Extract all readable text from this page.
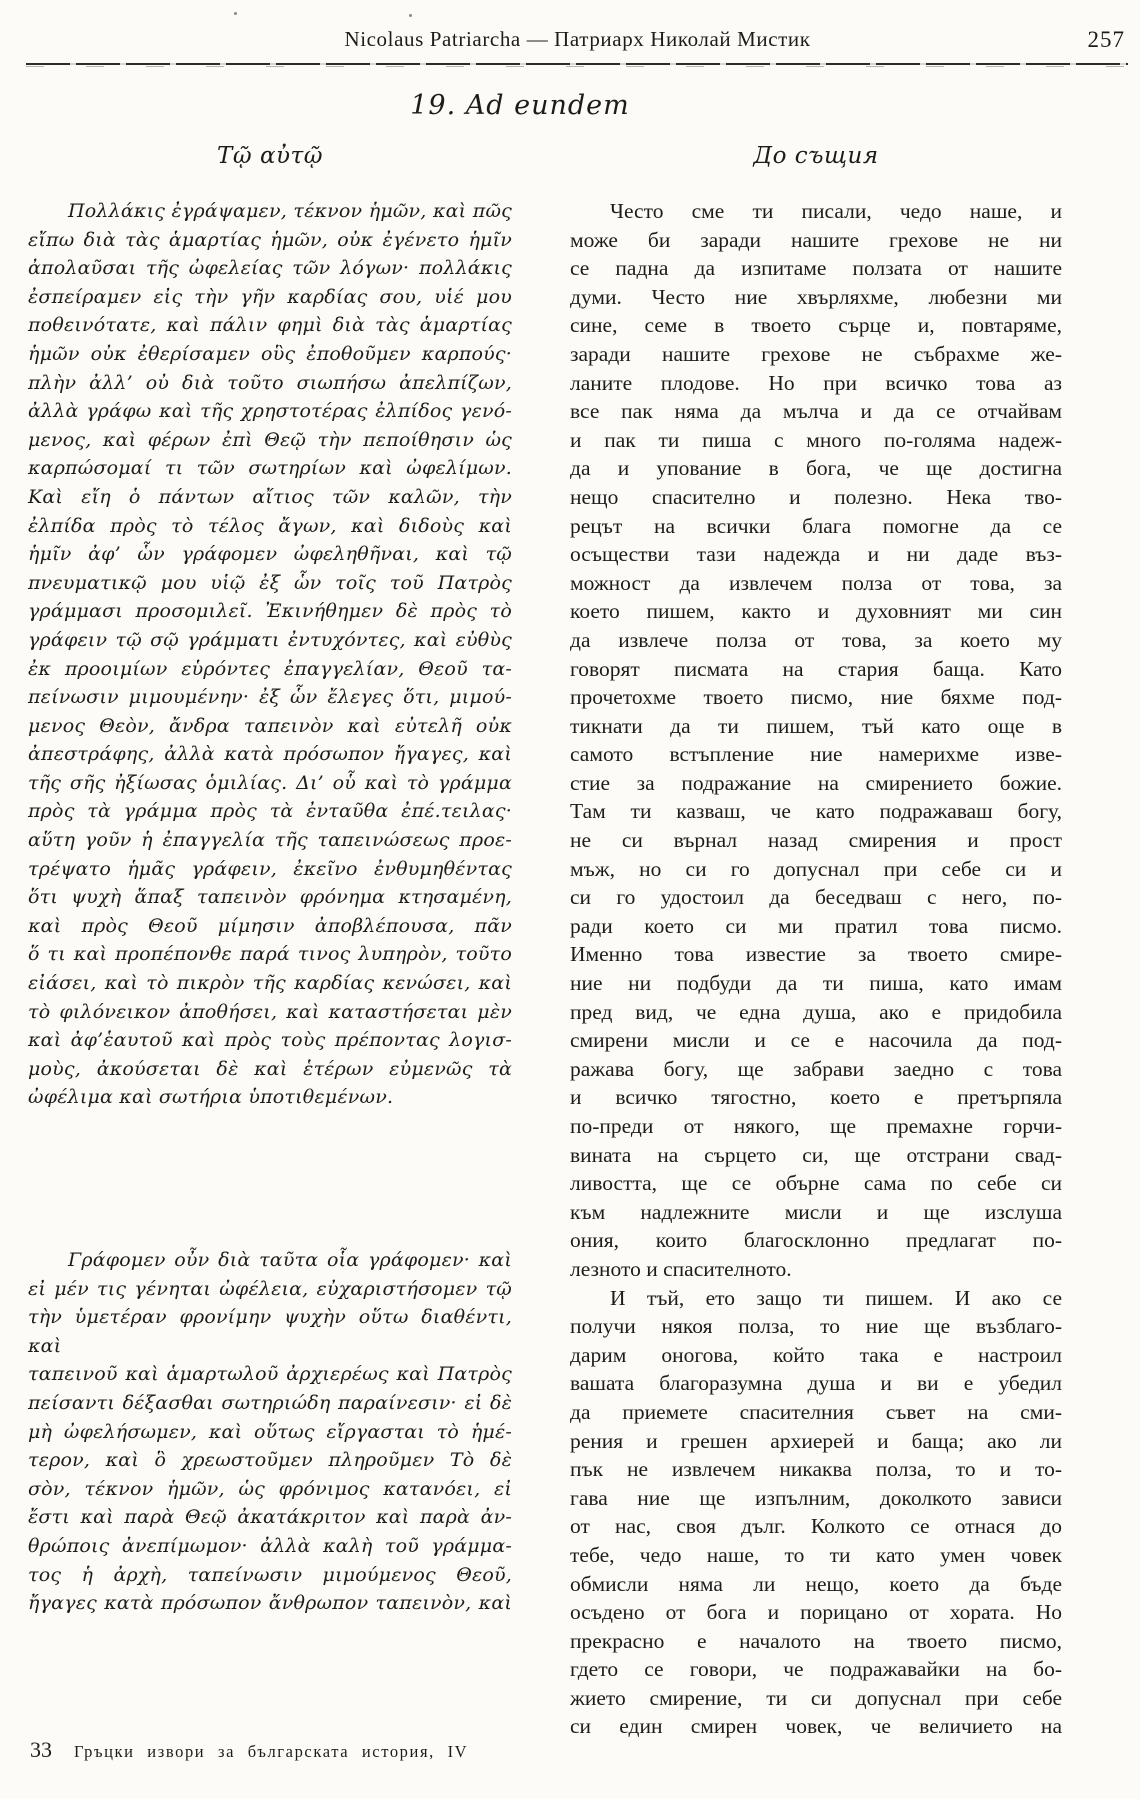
Nicolaus Patriarcha — Патриарх Николай Мистик	257
19. Ad eundem
Τῷ αὐτῷ
Πολλάκις ἐγράψαμεν, τέκνον ἡμῶν, καὶ πῶς
εἴπω διὰ τὰς ἁμαρτίας ἡμῶν, οὐκ ἐγένετο ἡμῖν
ἀπολαῦσαι τῆς ὠφελείας τῶν λόγων· πολλάκις
ἐσπείραμεν εἰς τὴν γῆν καρδίας σου, υἱέ μου
ποθεινότατε, καὶ πάλιν φημὶ διὰ τὰς ἁμαρτίας
ἡμῶν οὐκ ἐθερίσαμεν οὓς ἐποθοῦμεν καρπούς·
πλὴν ἀλλ’ οὐ διὰ τοῦτο σιωπήσω ἀπελπίζων,
ἀλλὰ γράφω καὶ τῆς χρηστοτέρας ἐλπίδος γενό-
μενος, καὶ φέρων ἐπὶ Θεῷ τὴν πεποίθησιν ὡς
καρπώσομαί τι τῶν σωτηρίων καὶ ὠφελίμων.
Καὶ εἴη ὁ πάντων αἴτιος τῶν καλῶν, τὴν
ἐλπίδα πρὸς τὸ τέλος ἄγων, καὶ διδοὺς καὶ
ἡμῖν ἀφ’ ὧν γράφομεν ὠφεληθῆναι, καὶ τῷ
πνευματικῷ μου υἱῷ ἐξ ὧν τοῖς τοῦ Πατρὸς
γράμμασι προσομιλεῖ. Ἐκινήθημεν δὲ πρὸς τὸ
γράφειν τῷ σῷ γράμματι ἐντυχόντες, καὶ εὐθὺς
ἐκ προοιμίων εὑρόντες ἐπαγγελίαν, Θεοῦ τα-
πείνωσιν μιμουμένην· ἐξ ὧν ἔλεγες ὅτι, μιμού-
μενος Θεὸν, ἄνδρα ταπεινὸν καὶ εὐτελῆ οὐκ
ἀπεστράφης, ἀλλὰ κατὰ πρόσωπον ἤγαγες, καὶ
τῆς σῆς ἠξίωσας ὁμιλίας. Δι’ οὗ καὶ τὸ γράμμα
πρὸς τὰ γράμμα πρὸς τὰ ἐνταῦθα ἐπέ.τειλας·
αὕτη γοῦν ἡ ἐπαγγελία τῆς ταπεινώσεως προε-
τρέψατο ἡμᾶς γράφειν, ἐκεῖνο ἐνθυμηθέντας
ὅτι ψυχὴ ἅπαξ ταπεινὸν φρόνημα κτησαμένη,
καὶ πρὸς Θεοῦ μίμησιν ἀποβλέπουσα, πᾶν
ὅ τι καὶ προπέπονθε παρά τινος λυπηρὸν, τοῦτο
εἰάσει, καὶ τὸ πικρὸν τῆς καρδίας κενώσει, καὶ
τὸ φιλόνεικον ἀποθήσει, καὶ καταστήσεται μὲν
καὶ ἀφ’ἑαυτοῦ καὶ πρὸς τοὺς πρέποντας λογισ-
μοὺς, ἀκούσεται δὲ καὶ ἑτέρων εὐμενῶς τὰ
ὠφέλιμα καὶ σωτήρια ὑποτιθεμένων.
Γράφομεν οὖν διὰ ταῦτα οἷα γράφομεν· καὶ
εἰ μέν τις γένηται ὠφέλεια, εὐχαριστήσομεν τῷ
τὴν ὑμετέραν φρονίμην ψυχὴν οὕτω διαθέντι, καὶ
ταπεινοῦ καὶ ἁμαρτωλοῦ ἀρχιερέως καὶ Πατρὸς
πείσαντι δέξασθαι σωτηριώδη παραίνεσιν· εἰ δὲ
μὴ ὠφελήσωμεν, καὶ οὕτως εἴργασται τὸ ἡμέ-
τερον, καὶ ὃ χρεωστοῦμεν πληροῦμεν Τὸ δὲ
σὸν, τέκνον ἡμῶν, ὡς φρόνιμος κατανόει, εἰ
ἔστι καὶ παρὰ Θεῷ ἀκατάκριτον καὶ παρὰ ἀν-
θρώποις ἀνεπίμωμον· ἀλλὰ καλὴ τοῦ γράμμα-
τος ἡ ἀρχὴ, ταπείνωσιν μιμούμενος Θεοῦ,
ἤγαγες κατὰ πρόσωπον ἄνθρωπον ταπεινὸν, καὶ
До същия
Често сме ти писали, чедо наше, и
може би заради нашите грехове не ни
се падна да изпитаме ползата от нашите
думи. Често ние хвърляхме, любезни ми
сине, семе в твоето сърце и, повтаряме,
заради нашите грехове не събрахме же-
ланите плодове. Но при всичко това аз
все пак няма да мълча и да се отчайвам
и пак ти пиша с много по-голяма надеж-
да и упование в бога, че ще достигна
нещо спасително и полезно. Нека тво-
рецът на всички блага помогне да се
осъществи тази надежда и ни даде въз-
можност да извлечем полза от това, за
което пишем, както и духовният ми син
да извлече полза от това, за което му
говорят писмата на стария баща. Като
прочетохме твоето писмо, ние бяхме под-
тикнати да ти пишем, тъй като още в
самото встъпление ние намерихме изве-
стие за подражание на смирението божие.
Там ти казваш, че като подражаваш богу,
не си върнал назад смирения и прост
мъж, но си го допуснал при себе си и
си го удостоил да беседваш с него, по-
ради което си ми пратил това писмо.
Именно това известие за твоето смире-
ние ни подбуди да ти пиша, като имам
пред вид, че една душа, ако е придобила
смирени мисли и се е насочила да под-
ражава богу, ще забрави заедно с това
и всичко тягостно, което е претърпяла
по-преди от някого, ще премахне горчи-
вината на сърцето си, ще отстрани свад-
ливостта, ще се обърне сама по себе си
към надлежните мисли и ще изслуша
ония, които благосклонно предлагат по-
лезното и спасителното.
И тъй, ето защо ти пишем. И ако се
получи някоя полза, то ние ще възблаго-
дарим оногова, който така е настроил
вашата благоразумна душа и ви е убедил
да приемете спасителния съвет на сми-
рения и грешен архиерей и баща; ако ли
пък не извлечем никаква полза, то и то-
гава ние ще изпълним, доколкото зависи
от нас, своя дълг. Колкото се отнася до
тебе, чедо наше, то ти като умен човек
обмисли няма ли нещо, което да бъде
осъдено от бога и порицано от хората. Но
прекрасно е началото на твоето писмо,
гдето се говори, че подражавайки на бо-
жието смирение, ти си допуснал при себе
си един смирен човек, че величието на
33 Гръцки извори за българската история, IV
